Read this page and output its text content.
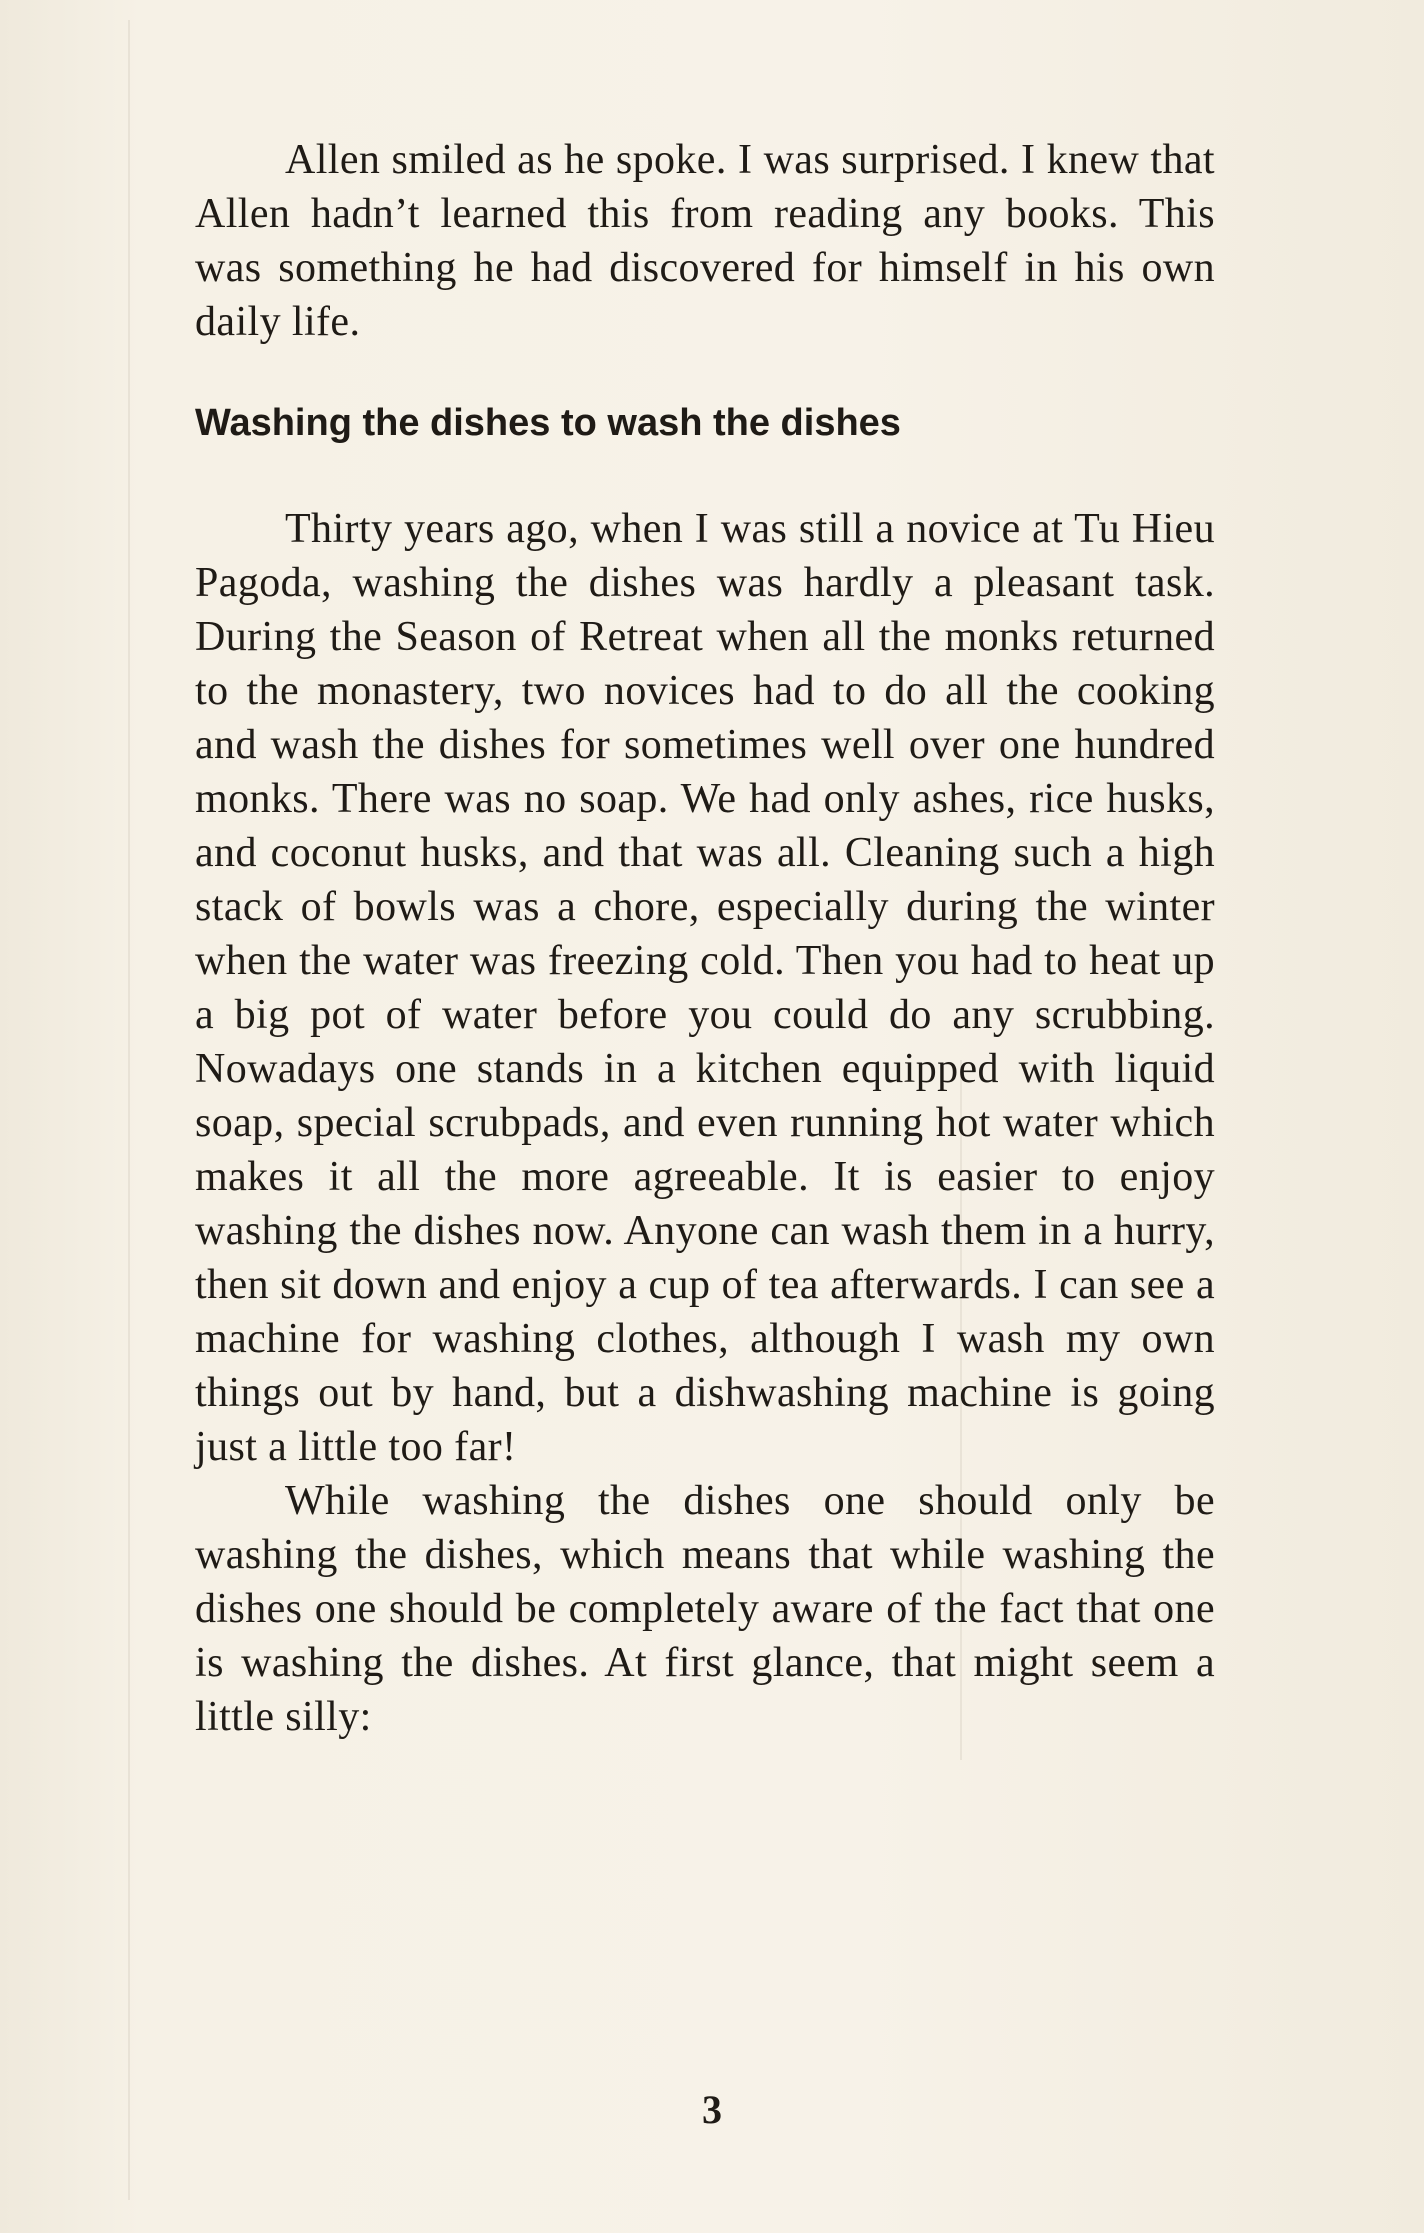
Allen smiled as he spoke. I was surprised. I knew that Allen hadn’t learned this from reading any books. This was something he had discovered for himself in his own daily life.

Washing the dishes to wash the dishes

Thirty years ago, when I was still a novice at Tu Hieu Pagoda, washing the dishes was hardly a pleasant task. During the Season of Retreat when all the monks returned to the monastery, two novices had to do all the cooking and wash the dishes for sometimes well over one hundred monks. There was no soap. We had only ashes, rice husks, and coconut husks, and that was all. Cleaning such a high stack of bowls was a chore, especially during the winter when the water was freezing cold. Then you had to heat up a big pot of water before you could do any scrubbing. Nowadays one stands in a kitchen equipped with liquid soap, special scrubpads, and even running hot water which makes it all the more agreeable. It is easier to enjoy washing the dishes now. Anyone can wash them in a hurry, then sit down and enjoy a cup of tea afterwards. I can see a machine for washing clothes, although I wash my own things out by hand, but a dishwashing machine is going just a little too far!

While washing the dishes one should only be washing the dishes, which means that while washing the dishes one should be completely aware of the fact that one is washing the dishes. At first glance, that might seem a little silly:

3
